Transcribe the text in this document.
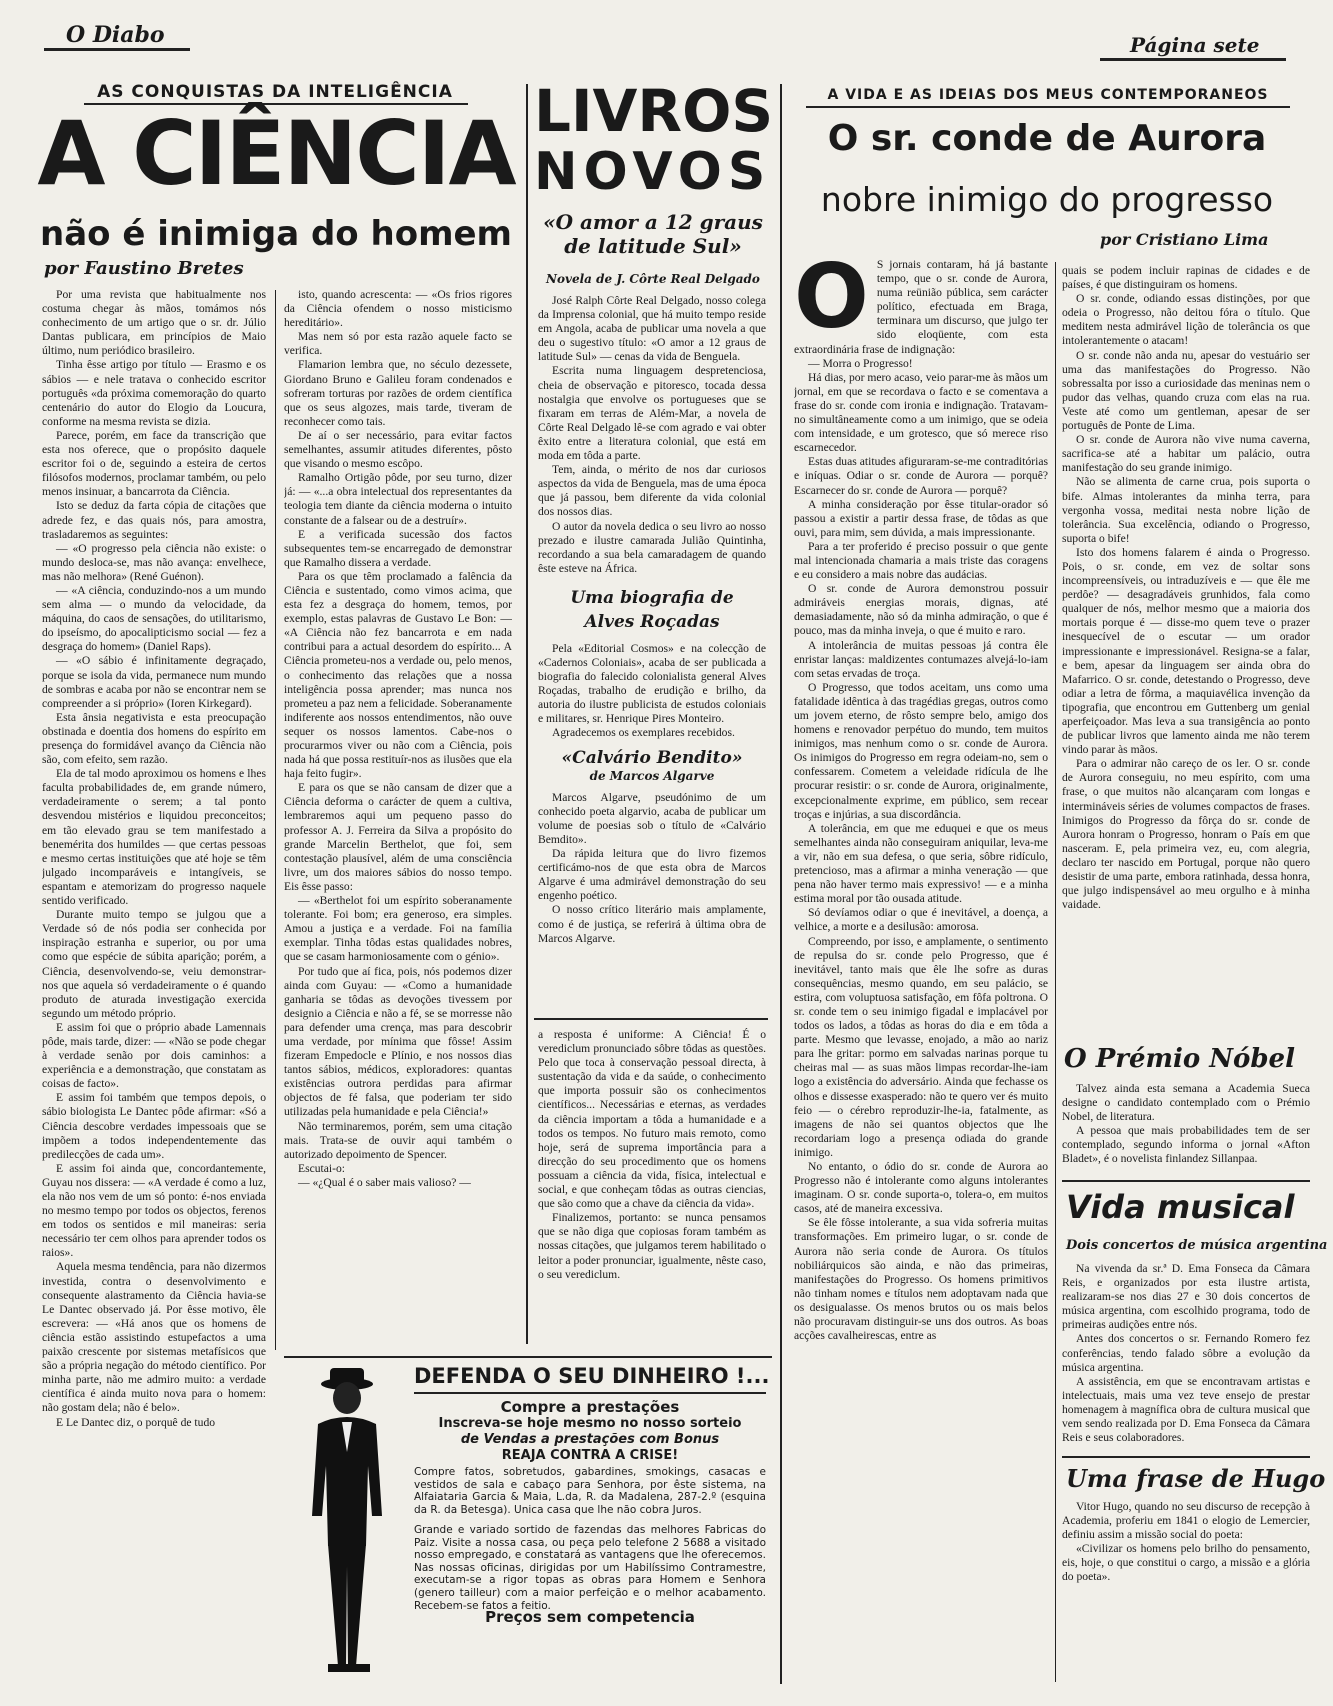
O Diabo	Página sete
AS CONQUISTAS DA INTELIGÊNCIA
A CIÊNCIA
não é inimiga do homem
por Faustino Bretes

Por uma revista que habitualmente nos costuma chegar às mãos, tomámos nós conhecimento de um artigo que o sr. dr. Júlio Dantas publicara, em princípios de Maio último, num periódico brasileiro.

Tinha êsse artigo por título — Erasmo e os sábios — e nele tratava o conhecido escritor português «da próxima comemoração do quarto centenário do autor do Elogio da Loucura, conforme na mesma revista se dizia.

Parece, porém, em face da transcrição que esta nos oferece, que o propósito daquele escritor foi o de, seguindo a esteira de certos filósofos modernos, proclamar também, ou pelo menos insinuar, a bancarrota da Ciência.

Isto se deduz da farta cópia de citações que adrede fez, e das quais nós, para amostra, trasladaremos as seguintes:

— «O progresso pela ciência não existe: o mundo desloca-se, mas não avança: envelhece, mas não melhora» (René Guénon).

— «A ciência, conduzindo-nos a um mundo sem alma — o mundo da velocidade, da máquina, do caos de sensações, do utilitarismo, do ipseísmo, do apocalipticismo social — fez a desgraça do homem» (Daniel Raps).

— «O sábio é infinitamente degraçado, porque se isola da vida, permanece num mundo de sombras e acaba por não se encontrar nem se compreender a si próprio» (Ioren Kirkegard).

Esta ânsia negativista e esta preocupação obstinada e doentia dos homens do espírito em presença do formidável avanço da Ciência não são, com efeito, sem razão.

Ela de tal modo aproximou os homens e lhes faculta probabilidades de, em grande número, verdadeiramente o serem; a tal ponto desvendou mistérios e liquidou preconceitos; em tão elevado grau se tem manifestado a benemérita dos humildes — que certas pessoas e mesmo certas instituições que até hoje se têm julgado incomparáveis e intangíveis, se espantam e atemorizam do progresso naquele sentido verificado.

Durante muito tempo se julgou que a Verdade só de nós podia ser conhecida por inspiração estranha e superior, ou por uma como que espécie de súbita aparição; porém, a Ciência, desenvolvendo-se, veiu demonstrar-nos que aquela só verdadeiramente o é quando produto de aturada investigação exercida segundo um método próprio.

E assim foi que o próprio abade Lamennais pôde, mais tarde, dizer: — «Não se pode chegar à verdade senão por dois caminhos: a experiência e a demonstração, que constatam as coisas de facto».

E assim foi também que tempos depois, o sábio biologista Le Dantec pôde afirmar: «Só a Ciência descobre verdades impessoais que se impõem a todos independentemente das predilecções de cada um».

E assim foi ainda que, concordantemente, Guyau nos dissera: — «A verdade é como a luz, ela não nos vem de um só ponto: é-nos enviada no mesmo tempo por todos os objectos, ferenos em todos os sentidos e mil maneiras: seria necessário ter cem olhos para aprender todos os raios».

Aquela mesma tendência, para não dizermos investida, contra o desenvolvimento e consequente alastramento da Ciência havia-se Le Dantec observado já. Por êsse motivo, êle escrevera: — «Há anos que os homens de ciência estão assistindo estupefactos a uma paixão crescente por sistemas metafísicos que são a própria negação do método científico. Por minha parte, não me admiro muito: a verdade científica é ainda muito nova para o homem: não gostam dela; não é belo».

E Le Dantec diz, o porquê de tudo

isto, quando acrescenta: — «Os frios rigores da Ciência ofendem o nosso misticismo hereditário».

Mas nem só por esta razão aquele facto se verifica.

Flamarion lembra que, no século dezessete, Giordano Bruno e Galileu foram condenados e sofreram torturas por razões de ordem científica que os seus algozes, mais tarde, tiveram de reconhecer como tais.

De aí o ser necessário, para evitar factos semelhantes, assumir atitudes diferentes, pôsto que visando o mesmo escôpo.

Ramalho Ortigão pôde, por seu turno, dizer já: — «...a obra intelectual dos representantes da teologia tem diante da ciência moderna o intuito constante de a falsear ou de a destruír».

E a verificada sucessão dos factos subsequentes tem-se encarregado de demonstrar que Ramalho dissera a verdade.

Para os que têm proclamado a falência da Ciência e sustentado, como vimos acima, que esta fez a desgraça do homem, temos, por exemplo, estas palavras de Gustavo Le Bon: — «A Ciência não fez bancarrota e em nada contribui para a actual desordem do espírito... A Ciência prometeu-nos a verdade ou, pelo menos, o conhecimento das relações que a nossa inteligência possa aprender; mas nunca nos prometeu a paz nem a felicidade. Soberanamente indiferente aos nossos entendimentos, não ouve sequer os nossos lamentos. Cabe-nos o procurarmos viver ou não com a Ciência, pois nada há que possa restituír-nos as ilusões que ela haja feito fugir».

E para os que se não cansam de dizer que a Ciência deforma o carácter de quem a cultiva, lembraremos aqui um pequeno passo do professor A. J. Ferreira da Silva a propósito do grande Marcelin Berthelot, que foi, sem contestação plausível, além de uma consciência livre, um dos maiores sábios do nosso tempo. Eis êsse passo:

— «Berthelot foi um espírito soberanamente tolerante. Foi bom; era generoso, era simples. Amou a justiça e a verdade. Foi na família exemplar. Tinha tôdas estas qualidades nobres, que se casam harmoniosamente com o génio».

Por tudo que aí fica, pois, nós podemos dizer ainda com Guyau: — «Como a humanidade ganharia se tôdas as devoções tivessem por designio a Ciência e não a fé, se se morresse não para defender uma crença, mas para descobrir uma verdade, por mínima que fôsse! Assim fizeram Empedocle e Plínio, e nos nossos dias tantos sábios, médicos, exploradores: quantas existências outrora perdidas para afirmar objectos de fé falsa, que poderiam ter sido utilizadas pela humanidade e pela Ciência!»

Não terminaremos, porém, sem uma citação mais. Trata-se de ouvir aqui também o autorizado depoimento de Spencer.

Escutai-o:

— «¿Qual é o saber mais valioso? —

LIVROS
NOVOS
«O amor a 12 graus de latitude Sul»
Novela de J. Côrte Real Delgado

José Ralph Côrte Real Delgado, nosso colega da Imprensa colonial, que há muito tempo reside em Angola, acaba de publicar uma novela a que deu o sugestivo título: «O amor a 12 graus de latitude Sul» — cenas da vida de Benguela.

Escrita numa linguagem despretenciosa, cheia de observação e pitoresco, tocada dessa nostalgia que envolve os portugueses que se fixaram em terras de Além-Mar, a novela de Côrte Real Delgado lê-se com agrado e vai obter êxito entre a literatura colonial, que está em moda em tôda a parte.

Tem, ainda, o mérito de nos dar curiosos aspectos da vida de Benguela, mas de uma época que já passou, bem diferente da vida colonial dos nossos dias.

O autor da novela dedica o seu livro ao nosso prezado e ilustre camarada Julião Quintinha, recordando a sua bela camaradagem de quando êste esteve na África.

Uma biografia de Alves Roçadas

Pela «Editorial Cosmos» e na colecção de «Cadernos Coloniais», acaba de ser publicada a biografia do falecido colonialista general Alves Roçadas, trabalho de erudição e brilho, da autoria do ilustre publicista de estudos coloniais e militares, sr. Henrique Pires Monteiro.

Agradecemos os exemplares recebidos.

«Calvário Bendito»
de Marcos Algarve

Marcos Algarve, pseudónimo de um conhecido poeta algarvio, acaba de publicar um volume de poesias sob o título de «Calvário Bemdito».

Da rápida leitura que do livro fizemos certificámo-nos de que esta obra de Marcos Algarve é uma admirável demonstração do seu engenho poético.

O nosso crítico literário mais amplamente, como é de justiça, se referirá à última obra de Marcos Algarve.

a resposta é uniforme: A Ciência! É o verediclum pronunciado sôbre tôdas as questões. Pelo que toca à conservação pessoal directa, à sustentação da vida e da saúde, o conhecimento que importa possuir são os conhecimentos científicos... Necessárias e eternas, as verdades da ciência importam a tôda a humanidade e a todos os tempos. No futuro mais remoto, como hoje, será de suprema importância para a direcção do seu procedimento que os homens possuam a ciência da vida, física, intelectual e social, e que conheçam tôdas as outras ciencias, que são como que a chave da ciência da vida».

Finalizemos, portanto: se nunca pensamos que se não diga que copiosas foram também as nossas citações, que julgamos terem habilitado o leitor a poder pronunciar, igualmente, nêste caso, o seu verediclum.

DEFENDA O SEU DINHEIRO !...
Compre a prestações
Inscreva-se hoje mesmo no nosso sorteio
de Vendas a prestações com Bonus
REAJA CONTRA A CRISE!
Compre fatos, sobretudos, gabardines, smokings, casacas e vestidos de sala e cabaço para Senhora, por êste sistema, na Alfaiataria Garcia & Maia, L.da, R. da Madalena, 287-2.º (esquina da R. da Betesga). Unica casa que lhe não cobra Juros.
Grande e variado sortido de fazendas das melhores Fabricas do Paiz. Visite a nossa casa, ou peça pelo telefone 2 5688 a visitado nosso empregado, e constatará as vantagens que lhe oferecemos. Nas nossas oficinas, dirigidas por um Habilíssimo Contramestre, executam-se a rigor topas as obras para Homem e Senhora (genero tailleur) com a maior perfeição e o melhor acabamento. Recebem-se fatos a feitio.
Preços sem competencia
A VIDA E AS IDEIAS DOS MEUS CONTEMPORANEOS
O sr. conde de Aurora
nobre inimigo do progresso
por Cristiano Lima
O S jornais contaram, há já bastante tempo, que o sr. conde de Aurora, numa reünião pública, sem carácter político, efectuada em Braga, terminara um discurso, que julgo ter sido eloqüente, com esta extraordinária frase de indignação:

— Morra o Progresso!

Há dias, por mero acaso, veio parar-me às mãos um jornal, em que se recordava o facto e se comentava a frase do sr. conde com ironia e indignação. Tratavam-no simultâneamente como a um inimigo, que se odeia com intensidade, e um grotesco, que só merece riso escarnecedor.

Estas duas atitudes afiguraram-se-me contraditórias e iníquas. Odiar o sr. conde de Aurora — porquê? Escarnecer do sr. conde de Aurora — porquê?

A minha consideração por êsse titular-orador só passou a existir a partir dessa frase, de tôdas as que ouvi, para mim, sem dúvida, a mais impressionante.

Para a ter proferido é preciso possuir o que gente mal intencionada chamaria a mais triste das coragens e eu considero a mais nobre das audácias.

O sr. conde de Aurora demonstrou possuir admiráveis energias morais, dignas, até demasiadamente, não só da minha admiração, o que é pouco, mas da minha inveja, o que é muito e raro.

A intolerância de muitas pessoas já contra êle enristar lanças: maldizentes contumazes alvejá-lo-iam com setas ervadas de troça.

O Progresso, que todos aceitam, uns como uma fatalidade idêntica à das tragédias gregas, outros como um jovem eterno, de rôsto sempre belo, amigo dos homens e renovador perpétuo do mundo, tem muitos inimigos, mas nenhum como o sr. conde de Aurora. Os inimigos do Progresso em regra odeiam-no, sem o confessarem. Cometem a veleidade ridícula de lhe procurar resistir: o sr. conde de Aurora, originalmente, excepcionalmente exprime, em público, sem recear troças e injúrias, a sua discordância.

A tolerância, em que me eduquei e que os meus semelhantes ainda não conseguiram aniquilar, leva-me a vir, não em sua defesa, o que seria, sôbre ridículo, pretencioso, mas a afirmar a minha veneração — que pena não haver termo mais expressivo! — e a minha estima moral por tão ousada atitude.

Só devíamos odiar o que é inevitável, a doença, a velhice, a morte e a desilusão: amorosa.

Compreendo, por isso, e amplamente, o sentimento de repulsa do sr. conde pelo Progresso, que é inevitável, tanto mais que êle lhe sofre as duras consequências, mesmo quando, em seu palácio, se estira, com voluptuosa satisfação, em fôfa poltrona. O sr. conde tem o seu inimigo figadal e implacável por todos os lados, a tôdas as horas do dia e em tôda a parte. Mesmo que levasse, enojado, a mão ao nariz para lhe gritar: pormo em salvadas narinas porque tu cheiras mal — as suas mãos limpas recordar-lhe-iam logo a existência do adversário. Ainda que fechasse os olhos e dissesse exasperado: não te quero ver és muito feio — o cérebro reproduzir-lhe-ia, fatalmente, as imagens de não sei quantos objectos que lhe recordariam logo a presença odiada do grande inimigo.

No entanto, o ódio do sr. conde de Aurora ao Progresso não é intolerante como alguns intolerantes imaginam. O sr. conde suporta-o, tolera-o, em muitos casos, até de maneira excessiva.

Se êle fôsse intolerante, a sua vida sofreria muitas transformações. Em primeiro lugar, o sr. conde de Aurora não seria conde de Aurora. Os títulos nobiliárquicos são ainda, e não das primeiras, manifestações do Progresso. Os homens primitivos não tinham nomes e títulos nem adoptavam nada que os desigualasse. Os menos brutos ou os mais belos não procuravam distinguir-se uns dos outros. As boas acções cavalheirescas, entre as

quais se podem incluir rapinas de cidades e de países, é que distinguiram os homens.

O sr. conde, odiando essas distinções, por que odeia o Progresso, não deitou fóra o título. Que meditem nesta admirável lição de tolerância os que intolerantemente o atacam!

O sr. conde não anda nu, apesar do vestuário ser uma das manifestações do Progresso. Não sobressalta por isso a curiosidade das meninas nem o pudor das velhas, quando cruza com elas na rua. Veste até como um gentleman, apesar de ser português de Ponte de Lima.

O sr. conde de Aurora não vive numa caverna, sacrifica-se até a habitar um palácio, outra manifestação do seu grande inimigo.

Não se alimenta de carne crua, pois suporta o bife. Almas intolerantes da minha terra, para vergonha vossa, meditai nesta nobre lição de tolerância. Sua excelência, odiando o Progresso, suporta o bife!

Isto dos homens falarem é ainda o Progresso. Pois, o sr. conde, em vez de soltar sons incompreensíveis, ou intraduzíveis e — que êle me perdôe? — desagradáveis grunhidos, fala como qualquer de nós, melhor mesmo que a maioria dos mortais porque é — disse-mo quem teve o prazer inesquecível de o escutar — um orador impressionante e impressionável. Resigna-se a falar, e bem, apesar da linguagem ser ainda obra do Mafarrico. O sr. conde, detestando o Progresso, deve odiar a letra de fôrma, a maquiavélica invenção da tipografia, que encontrou em Guttenberg um genial aperfeiçoador. Mas leva a sua transigência ao ponto de publicar livros que lamento ainda me não terem vindo parar às mãos.

Para o admirar não careço de os ler. O sr. conde de Aurora conseguiu, no meu espírito, com uma frase, o que muitos não alcançaram com longas e intermináveis séries de volumes compactos de frases. Inimigos do Progresso da fôrça do sr. conde de Aurora honram o Progresso, honram o País em que nasceram. E, pela primeira vez, eu, com alegria, declaro ter nascido em Portugal, porque não quero desistir de uma parte, embora ratinhada, dessa honra, que julgo indispensável ao meu orgulho e à minha vaidade.

O Prémio Nóbel

Talvez ainda esta semana a Academia Sueca designe o candidato contemplado com o Prémio Nobel, de literatura.

A pessoa que mais probabilidades tem de ser contemplado, segundo informa o jornal «Afton Bladet», é o novelista finlandez Sillanpaa.

Vida musical
Dois concertos de música argentina

Na vivenda da sr.ª D. Ema Fonseca da Câmara Reis, e organizados por esta ilustre artista, realizaram-se nos dias 27 e 30 dois concertos de música argentina, com escolhido programa, todo de primeiras audições entre nós.

Antes dos concertos o sr. Fernando Romero fez conferências, tendo falado sôbre a evolução da música argentina.

A assistência, em que se encontravam artistas e intelectuais, mais uma vez teve ensejo de prestar homenagem à magnífica obra de cultura musical que vem sendo realizada por D. Ema Fonseca da Câmara Reis e seus colaboradores.

Uma frase de Hugo

Vitor Hugo, quando no seu discurso de recepção à Academia, proferiu em 1841 o elogio de Lemercier, definiu assim a missão social do poeta:

«Civilizar os homens pelo brilho do pensamento, eis, hoje, o que constitui o cargo, a missão e a glória do poeta».
